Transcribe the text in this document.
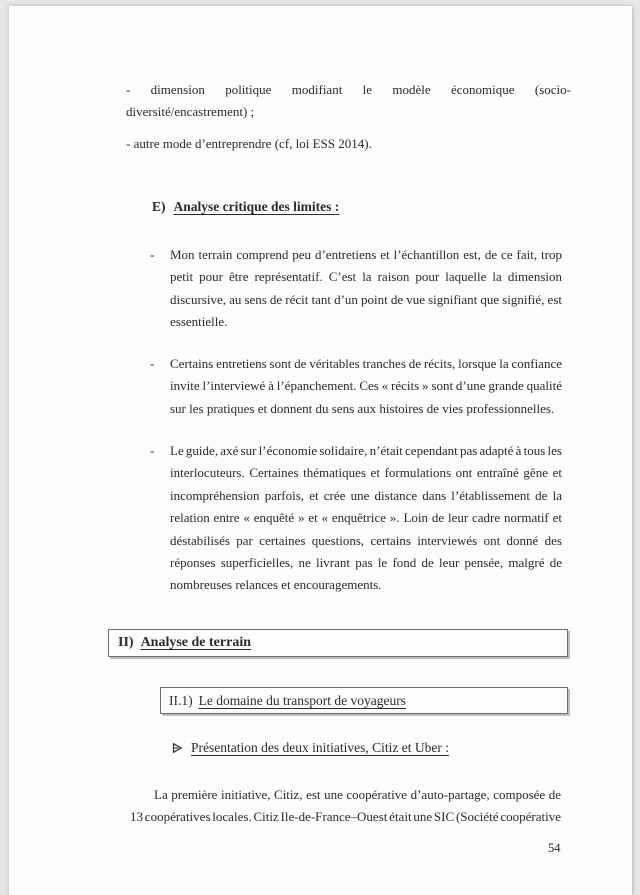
- dimension politique modifiant le modèle économique (socio-
diversité/encastrement) ;
- autre mode d’entreprendre (cf, loi ESS 2014).
E) Analyse critique des limites :
-	Mon terrain comprend peu d’entretiens et l’échantillon est, de ce fait, trop
petit pour être représentatif. C’est la raison pour laquelle la dimension
discursive, au sens de récit tant d’un point de vue signifiant que signifié, est
essentielle.
-	Certains entretiens sont de véritables tranches de récits, lorsque la confiance
invite l’interviewé à l’épanchement. Ces « récits » sont d’une grande qualité
sur les pratiques et donnent du sens aux histoires de vies professionnelles.
-	Le guide, axé sur l’économie solidaire, n’était cependant pas adapté à tous les
interlocuteurs. Certaines thématiques et formulations ont entraîné gêne et
incompréhension parfois, et crée une distance dans l’établissement de la
relation entre « enquêté » et « enquêtrice ». Loin de leur cadre normatif et
déstabilisés par certaines questions, certains interviewés ont donné des
réponses superficielles, ne livrant pas le fond de leur pensée, malgré de
nombreuses relances et encouragements.
II) Analyse de terrain
II.1) Le domaine du transport de voyageurs
Présentation des deux initiatives, Citiz et Uber :
La première initiative, Citiz, est une coopérative d’auto-partage, composée de
13 coopératives locales. Citiz Ile-de-France–Ouest était une SIC (Société coopérative
54
